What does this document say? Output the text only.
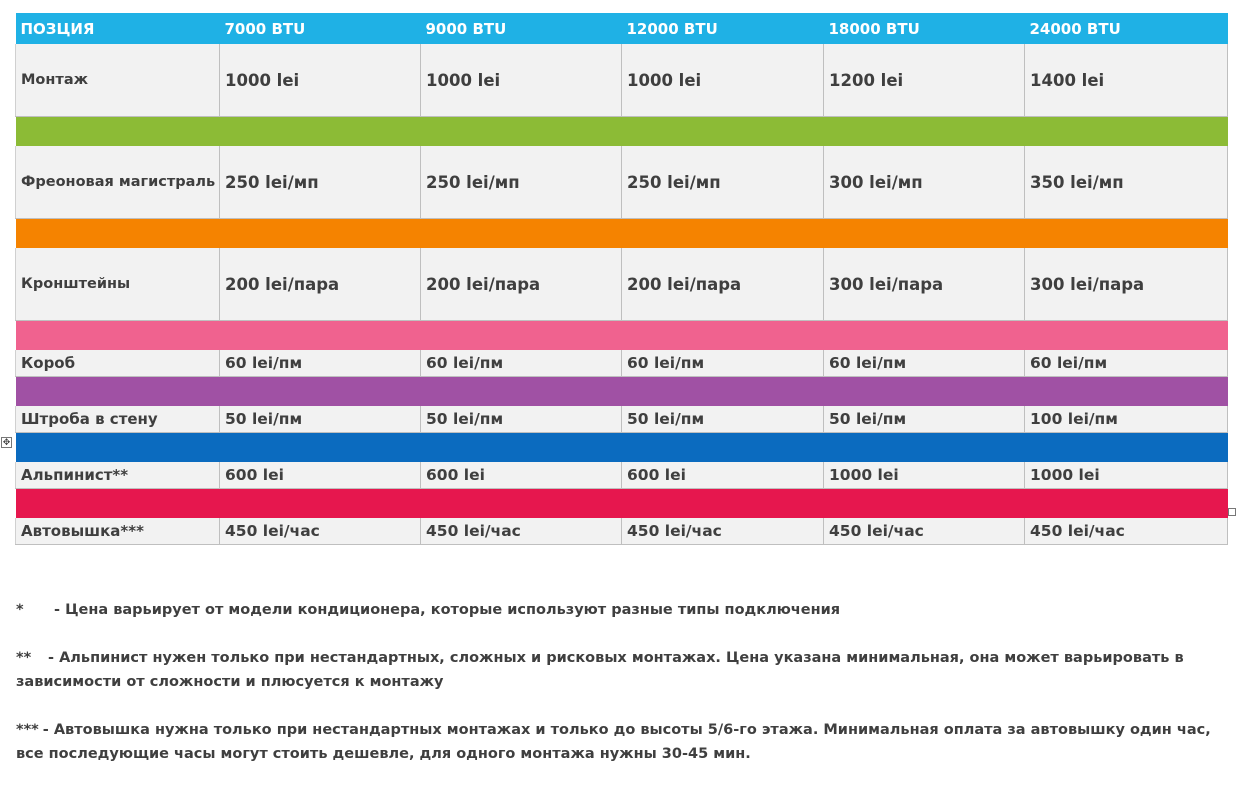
ПОЗЦИЯ	7000 BTU	9000 BTU	12000 BTU	18000 BTU	24000 BTU
Монтаж	1000 lei	1000 lei	1000 lei	1200 lei	1400 lei

Фреоновая магистраль	250 lei/мп	250 lei/мп	250 lei/мп	300 lei/мп	350 lei/мп

Кронштейны	200 lei/пара	200 lei/пара	200 lei/пара	300 lei/пара	300 lei/пара

Короб	60 lei/пм	60 lei/пм	60 lei/пм	60 lei/пм	60 lei/пм

Штроба в стену	50 lei/пм	50 lei/пм	50 lei/пм	50 lei/пм	100 lei/пм

Альпинист**	600 lei	600 lei	600 lei	1000 lei	1000 lei

Автовышка***	450 lei/час	450 lei/час	450 lei/час	450 lei/час	450 lei/час
✥

* - Цена варьирует от модели кондиционера, которые используют разные типы подключения

** - Альпинист нужен только при нестандартных, сложных и рисковых монтажах. Цена указана минимальная, она может варьировать в зависимости от сложности и плюсуется к монтажу

*** - Автовышка нужна только при нестандартных монтажах и только до высоты 5/6-го этажа. Минимальная оплата за автовышку один час, все последующие часы могут стоить дешевле, для одного монтажа нужны 30-45 мин.
